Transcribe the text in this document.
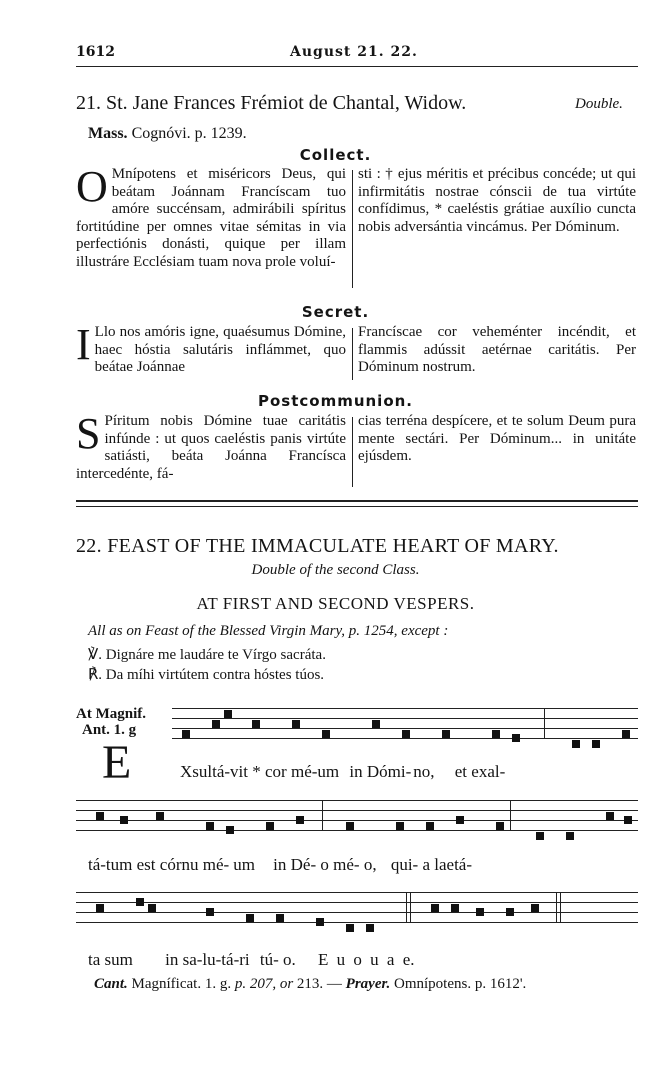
1612	August 21. 22.
21. St. Jane Frances Frémiot de Chantal, Widow.	Double.
Mass. Cognóvi. p. 1239.
Collect.
O Mnípotens et miséricors Deus, qui beátam Joánnam Francíscam tuo amóre succénsam, admirábili spíritus fortitúdine per omnes vitae sémitas in via perfectiónis donásti, quique per illam illustráre Ecclésiam tuam nova prole voluí-

sti : † ejus méritis et précibus concéde; ut qui infirmitátis nostrae cónscii de tua virtúte confídimus, * caeléstis grátiae auxílio cuncta nobis adversántia vincámus. Per Dóminum.

Secret.
I Llo nos amóris igne, quaésumus Dómine, haec hóstia salutáris inflámmet, quo beátae Joánnae

Francíscae cor veheménter incéndit, et flammis adússit aetérnae caritátis. Per Dóminum nostrum.

Postcommunion.
S Píritum nobis Dómine tuae caritátis infúnde : ut quos caeléstis panis virtúte satiásti, beáta Joánna Francísca intercedénte, fá-

cias terréna despícere, et te solum Deum pura mente sectári. Per Dóminum... in unitáte ejúsdem.

22. FEAST OF THE IMMACULATE HEART OF MARY.
Double of the second Class.
AT FIRST AND SECOND VESPERS.
All as on Feast of the Blessed Virgin Mary, p. 1254, except :
℣. Dignáre me laudáre te Vírgo sacráta.
℟. Da míhi virtútem contra hóstes túos.
At Magnif.
Ant. 1. g
E	Xsultá-vit * cor mé-um in Dómi- no, et exal-
tá-tum est córnu mé- um in Dé- o mé- o, qui- a laetá-
ta sum in sa-lu-tá-ri tú- o. E u o u a e.
Cant. Magníficat. 1. g. p. 207, or 213. — Prayer. Omnípotens. p. 1612'.
